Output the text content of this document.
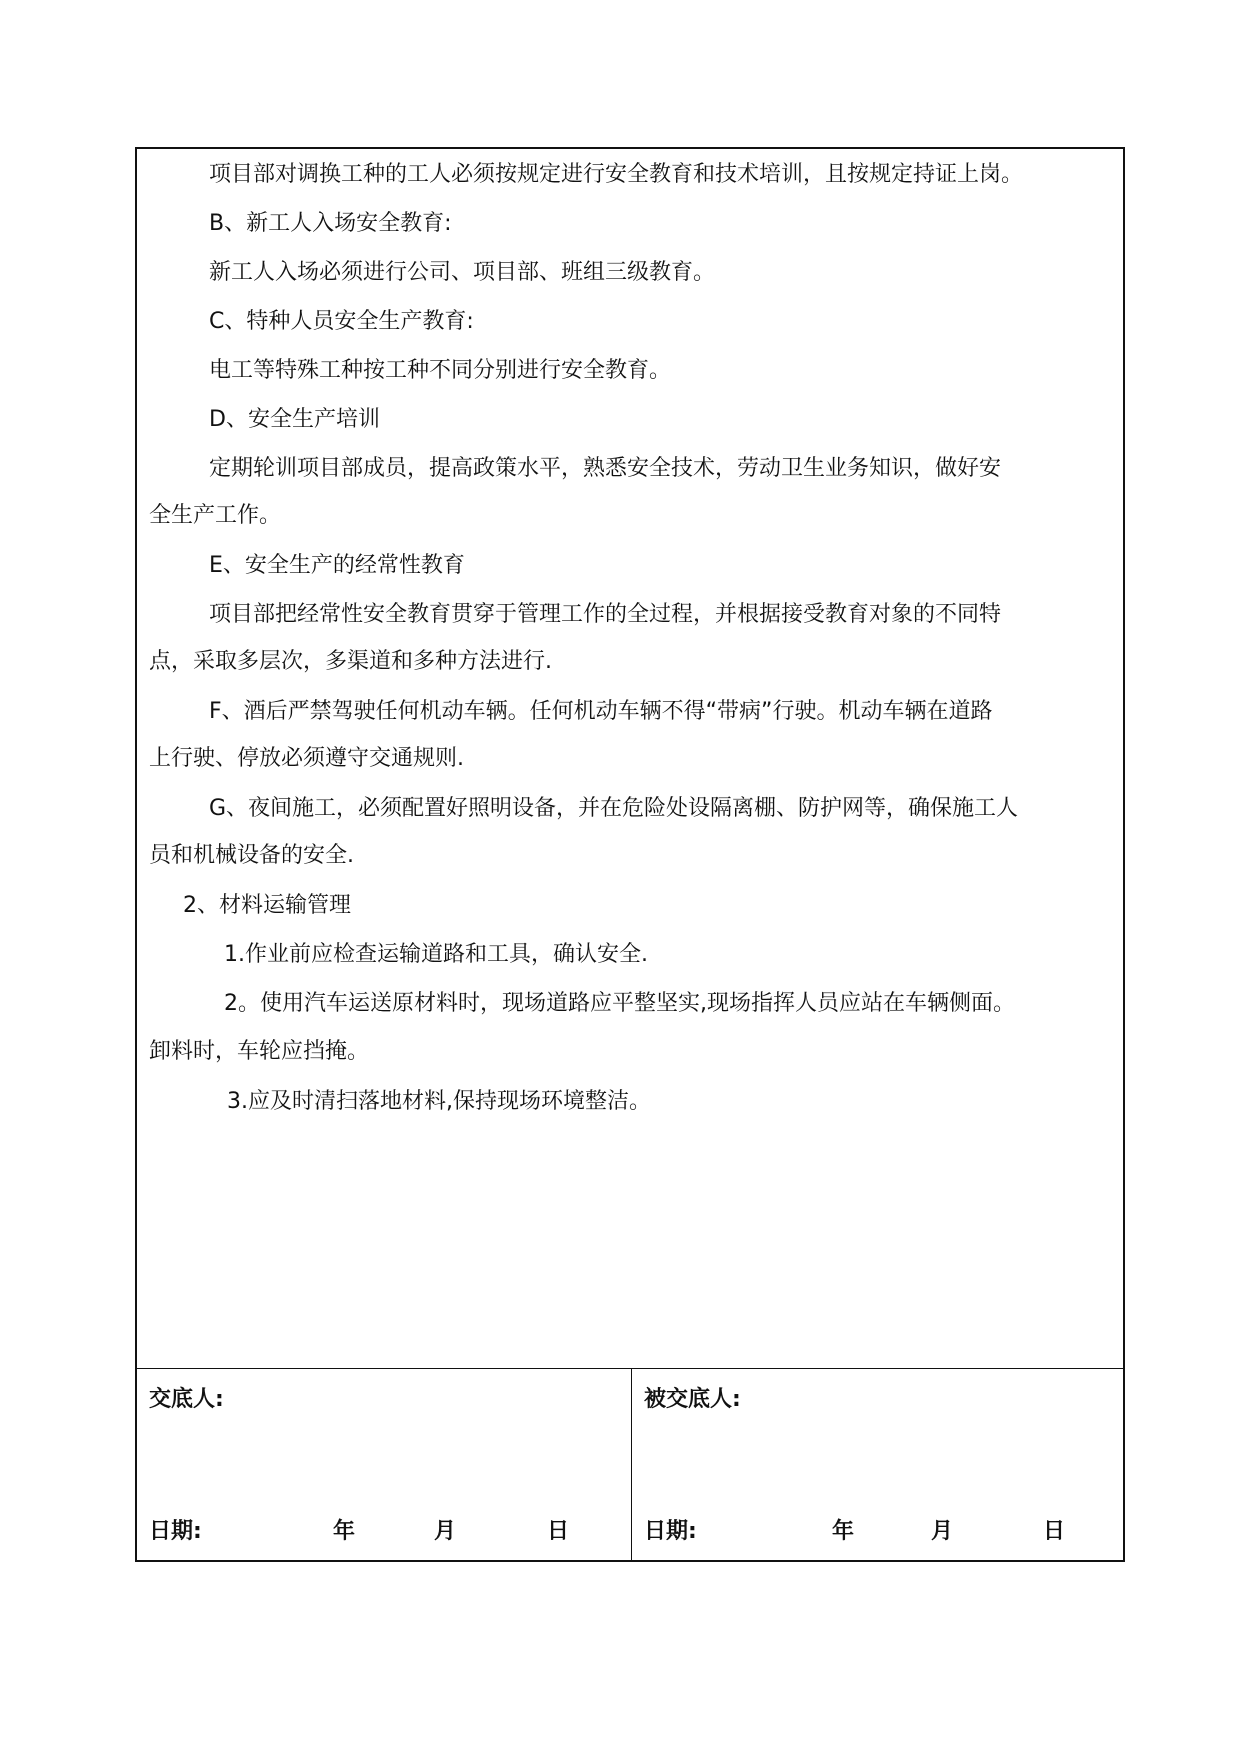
项目部对调换工种的工人必须按规定进行安全教育和技术培训，且按规定持证上岗。
B、新工人入场安全教育:
新工人入场必须进行公司、项目部、班组三级教育。
C、特种人员安全生产教育:
电工等特殊工种按工种不同分别进行安全教育。
D、安全生产培训
定期轮训项目部成员，提高政策水平，熟悉安全技术，劳动卫生业务知识，做好安
全生产工作。
E、安全生产的经常性教育
项目部把经常性安全教育贯穿于管理工作的全过程，并根据接受教育对象的不同特
点，采取多层次，多渠道和多种方法进行.
F、酒后严禁驾驶任何机动车辆。任何机动车辆不得“带病”行驶。机动车辆在道路
上行驶、停放必须遵守交通规则.
G、夜间施工，必须配置好照明设备，并在危险处设隔离棚、防护网等，确保施工人
员和机械设备的安全.
2、材料运输管理
1.作业前应检查运输道路和工具，确认安全.
2。使用汽车运送原材料时，现场道路应平整坚实,现场指挥人员应站在车辆侧面。
卸料时，车轮应挡掩。
3.应及时清扫落地材料,保持现场环境整洁。
交底人:
日期:	年	月	日
被交底人:
日期:	年	月	日
